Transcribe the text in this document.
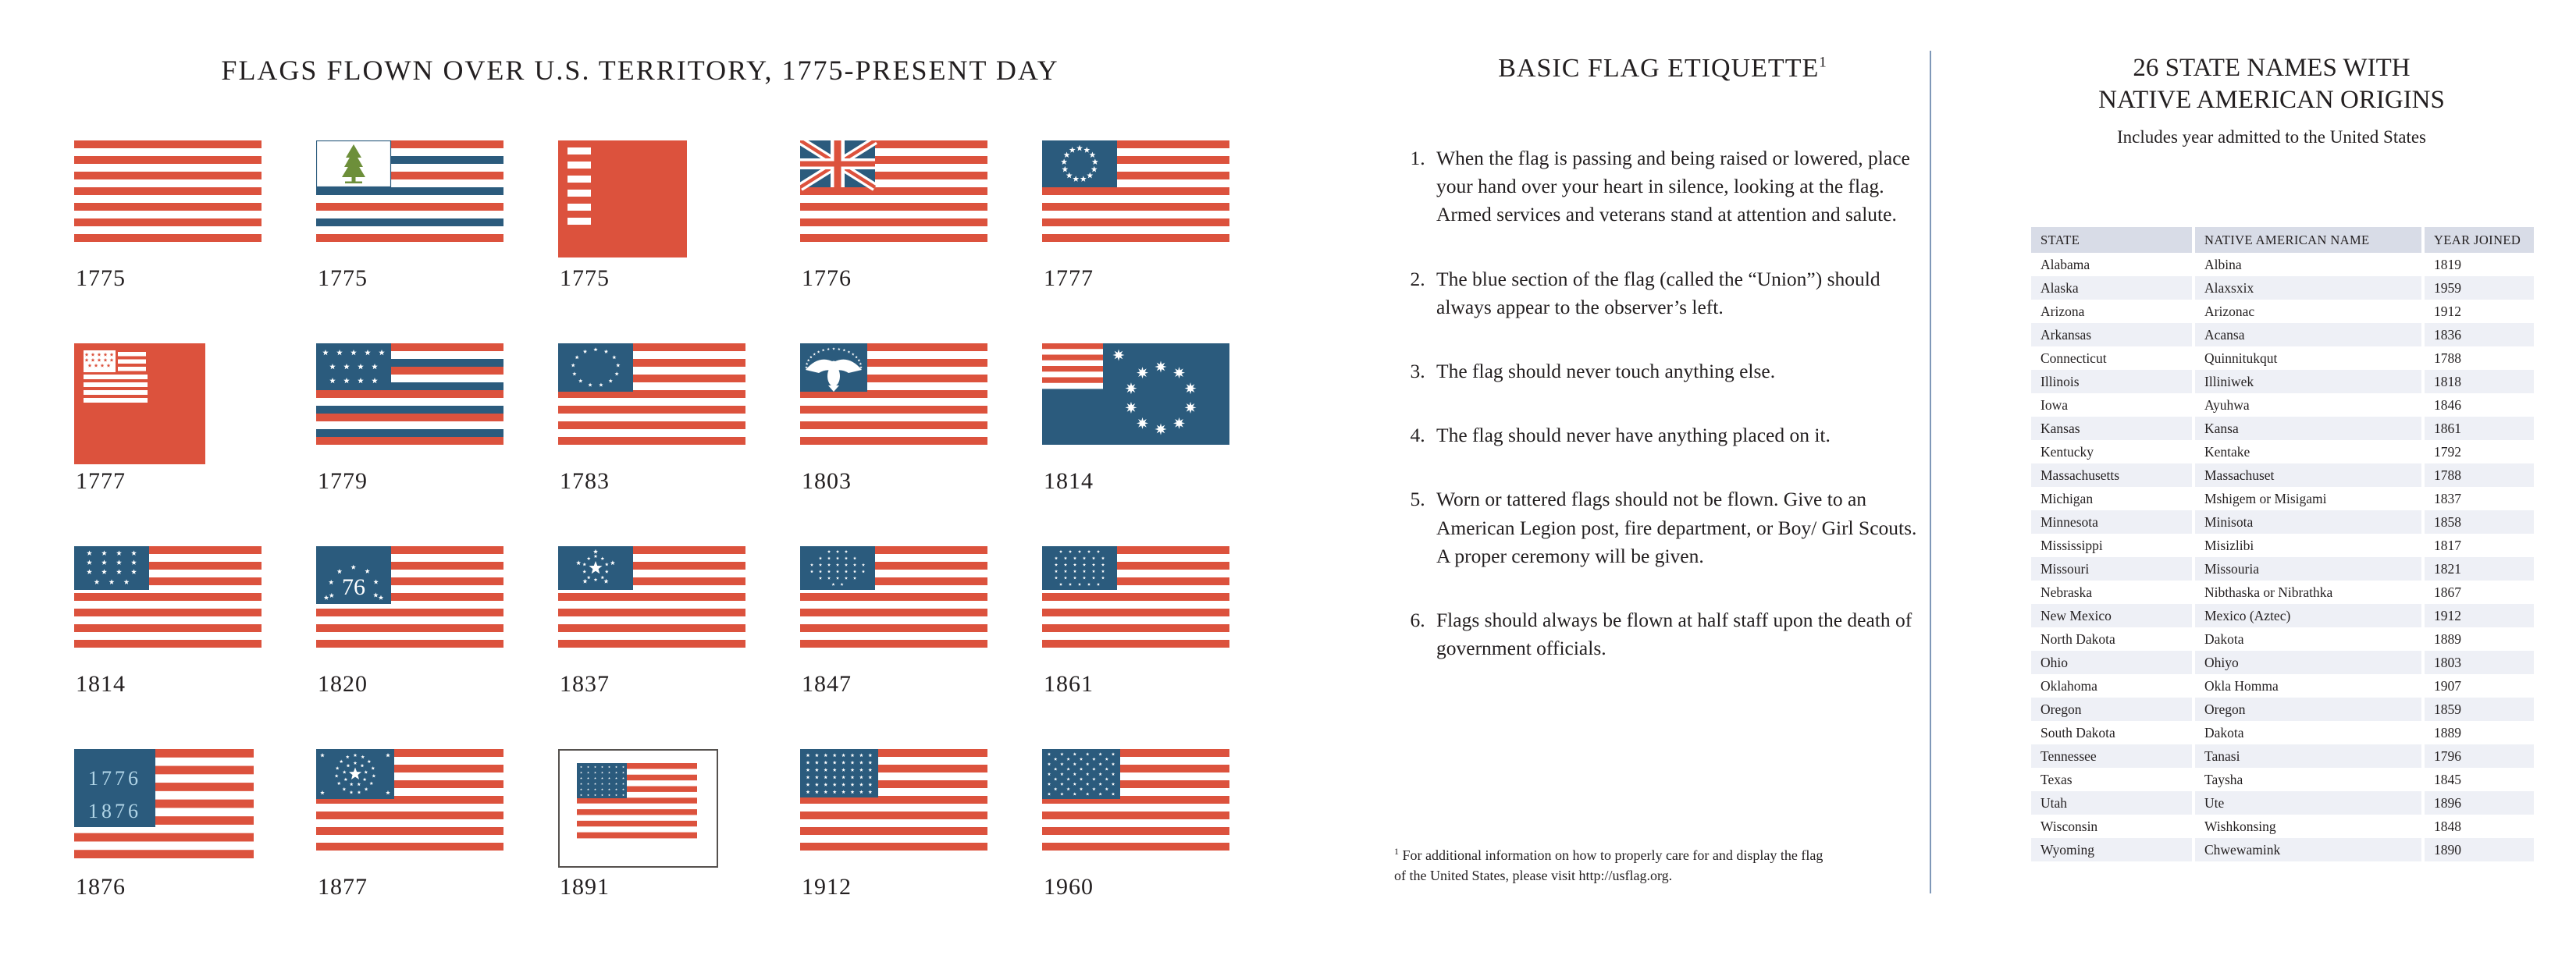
FLAGS FLOWN OVER U.S. TERRITORY, 1775-PRESENT DAY
1775	1775	1775	1776	1777
1777	1779	1783	1803	1814
1814
76
1820	1837	1847	1861
1776
1876
1876	1877	1891	1912	1960
BASIC FLAG ETIQUETTE$^1$
1. When the flag is passing and being raised or lowered, place your hand over your heart in silence, looking at the flag. Armed services and veterans stand at attention and salute.
2. The blue section of the flag (called the “Union”) should always appear to the observer’s left.
3. The flag should never touch anything else.
4. The flag should never have anything placed on it.
5. Worn or tattered flags should not be flown. Give to an American Legion post, fire department, or Boy/ Girl Scouts. A proper ceremony will be given.
6. Flags should always be flown at half staff upon the death of government officials.
$^1$ For additional information on how to properly care for and display the flag of the United States, please visit http://usflag.org.
26 STATE NAMES WITH
NATIVE AMERICAN ORIGINS
Includes year admitted to the United States
STATE	NATIVE AMERICAN NAME	YEAR JOINED
Alabama	Albina	1819
Alaska	Alaxsxix	1959
Arizona	Arizonac	1912
Arkansas	Acansa	1836
Connecticut	Quinnitukqut	1788
Illinois	Illiniwek	1818
Iowa	Ayuhwa	1846
Kansas	Kansa	1861
Kentucky	Kentake	1792
Massachusetts	Massachuset	1788
Michigan	Mshigem or Misigami	1837
Minnesota	Minisota	1858
Mississippi	Misizlibi	1817
Missouri	Missouria	1821
Nebraska	Nibthaska or Nibrathka	1867
New Mexico	Mexico (Aztec)	1912
North Dakota	Dakota	1889
Ohio	Ohiyo	1803
Oklahoma	Okla Homma	1907
Oregon	Oregon	1859
South Dakota	Dakota	1889
Tennessee	Tanasi	1796
Texas	Taysha	1845
Utah	Ute	1896
Wisconsin	Wishkonsing	1848
Wyoming	Chwewamink	1890
